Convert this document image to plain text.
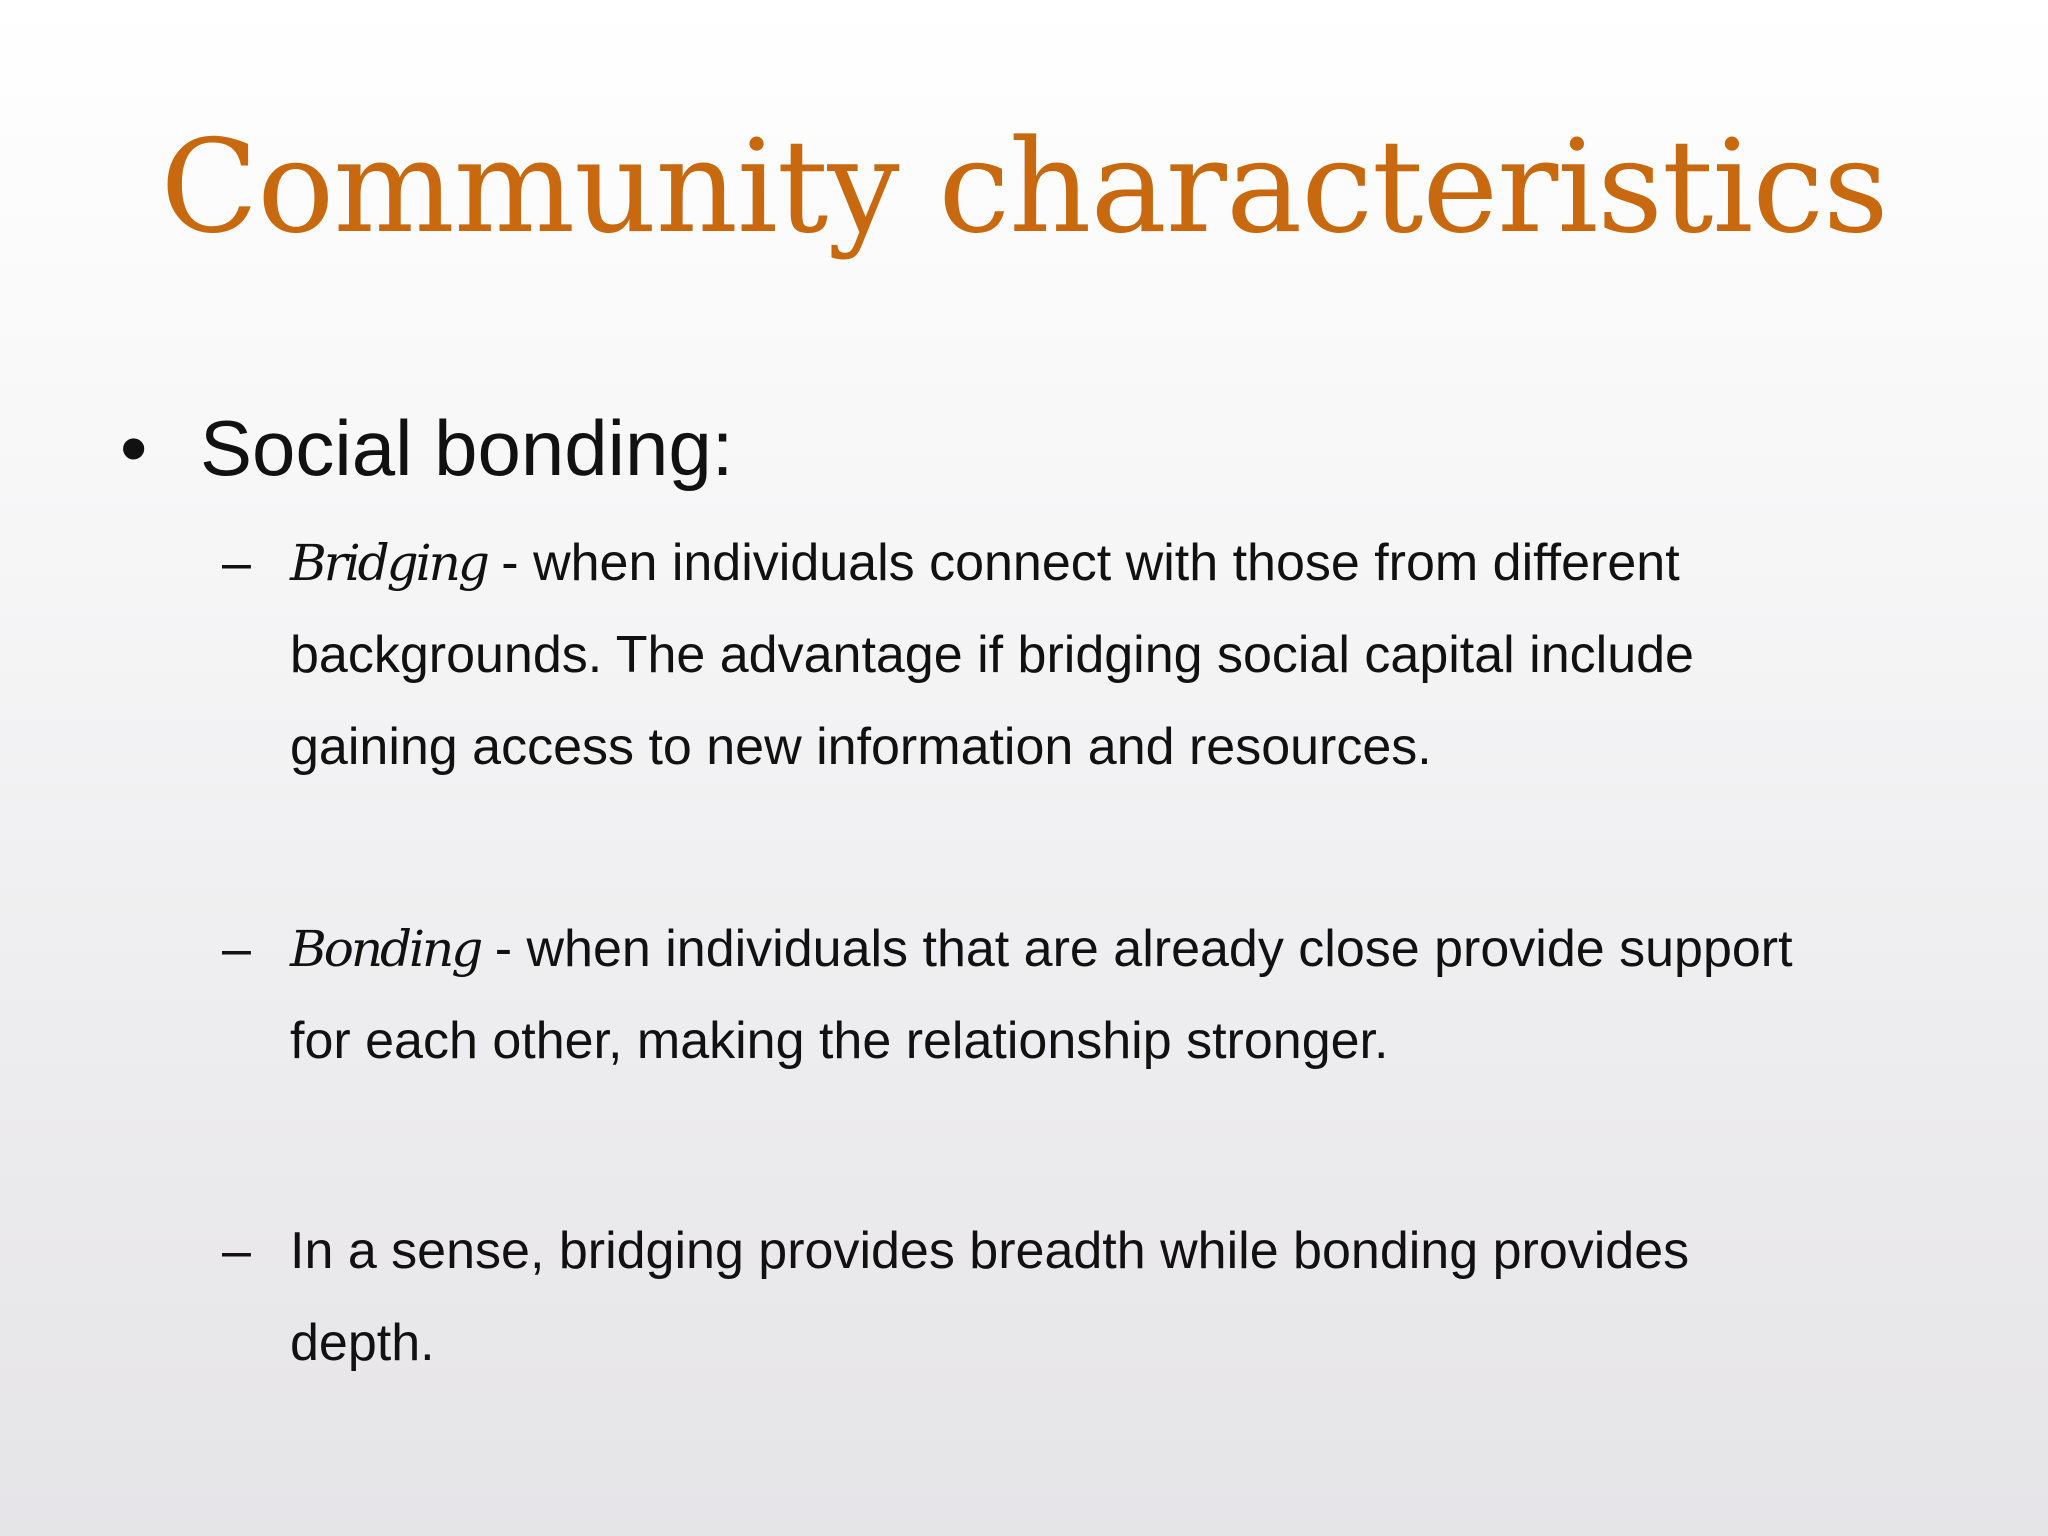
Community characteristics
• Social bonding:
– Bridging - when individuals connect with those from different
backgrounds. The advantage if bridging social capital include
gaining access to new information and resources.
– Bonding - when individuals that are already close provide support
for each other, making the relationship stronger.
– In a sense, bridging provides breadth while bonding provides
depth.
